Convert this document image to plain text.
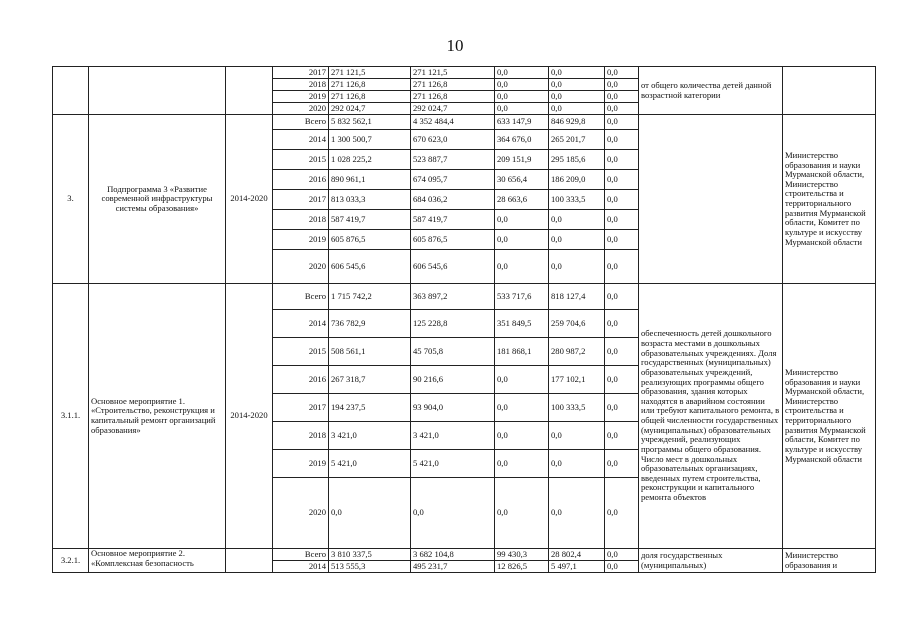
10
			2017	271 121,5	271 121,5	0,0	0,0	0,0	от общего количества детей данной возрастной категории	
			2018	271 126,8	271 126,8	0,0	0,0	0,0		
			2019	271 126,8	271 126,8	0,0	0,0	0,0		
			2020	292 024,7	292 024,7	0,0	0,0	0,0		
3.	Подпрограмма 3 «Развитие современной инфраструктуры системы образования»	2014-2020	Всего	5 832 562,1	4 352 484,4	633 147,9	846 929,8	0,0		Министерство образования и науки Мурманской области, Министерство строительства и территориального развития Мурманской области, Комитет по культуре и искусству Мурманской области
			2014	1 300 500,7	670 623,0	364 676,0	265 201,7	0,0		
			2015	1 028 225,2	523 887,7	209 151,9	295 185,6	0,0		
			2016	890 961,1	674 095,7	30 656,4	186 209,0	0,0		
			2017	813 033,3	684 036,2	28 663,6	100 333,5	0,0		
			2018	587 419,7	587 419,7	0,0	0,0	0,0		
			2019	605 876,5	605 876,5	0,0	0,0	0,0		
			2020	606 545,6	606 545,6	0,0	0,0	0,0		
3.1.1.	Основное мероприятие 1. «Строительство, реконструкция и капитальный ремонт организаций образования»	2014-2020	Всего	1 715 742,2	363 897,2	533 717,6	818 127,4	0,0	обеспеченность детей дошкольного возраста местами в дошкольных образовательных учреждениях. Доля государственных (муниципальных) образовательных учреждений, реализующих программы общего образования, здания которых находятся в аварийном состоянии или требуют капитального ремонта, в общей численности государственных (муниципальных) образовательных учреждений, реализующих программы общего образования. Число мест в дошкольных образовательных организациях, введенных путем строительства, реконструкции и капитального ремонта объектов	Министерство образования и науки Мурманской области, Министерство строительства и территориального развития Мурманской области, Комитет по культуре и искусству Мурманской области
			2014	736 782,9	125 228,8	351 849,5	259 704,6	0,0		
			2015	508 561,1	45 705,8	181 868,1	280 987,2	0,0		
			2016	267 318,7	90 216,6	0,0	177 102,1	0,0		
			2017	194 237,5	93 904,0	0,0	100 333,5	0,0		
			2018	3 421,0	3 421,0	0,0	0,0	0,0		
			2019	5 421,0	5 421,0	0,0	0,0	0,0		
			2020	0,0	0,0	0,0	0,0	0,0		
3.2.1.	Основное мероприятие 2. «Комплексная безопасность		Всего	3 810 337,5	3 682 104,8	99 430,3	28 802,4	0,0	доля государственных (муниципальных)	Министерство образования и
			2014	513 555,3	495 231,7	12 826,5	5 497,1	0,0		
